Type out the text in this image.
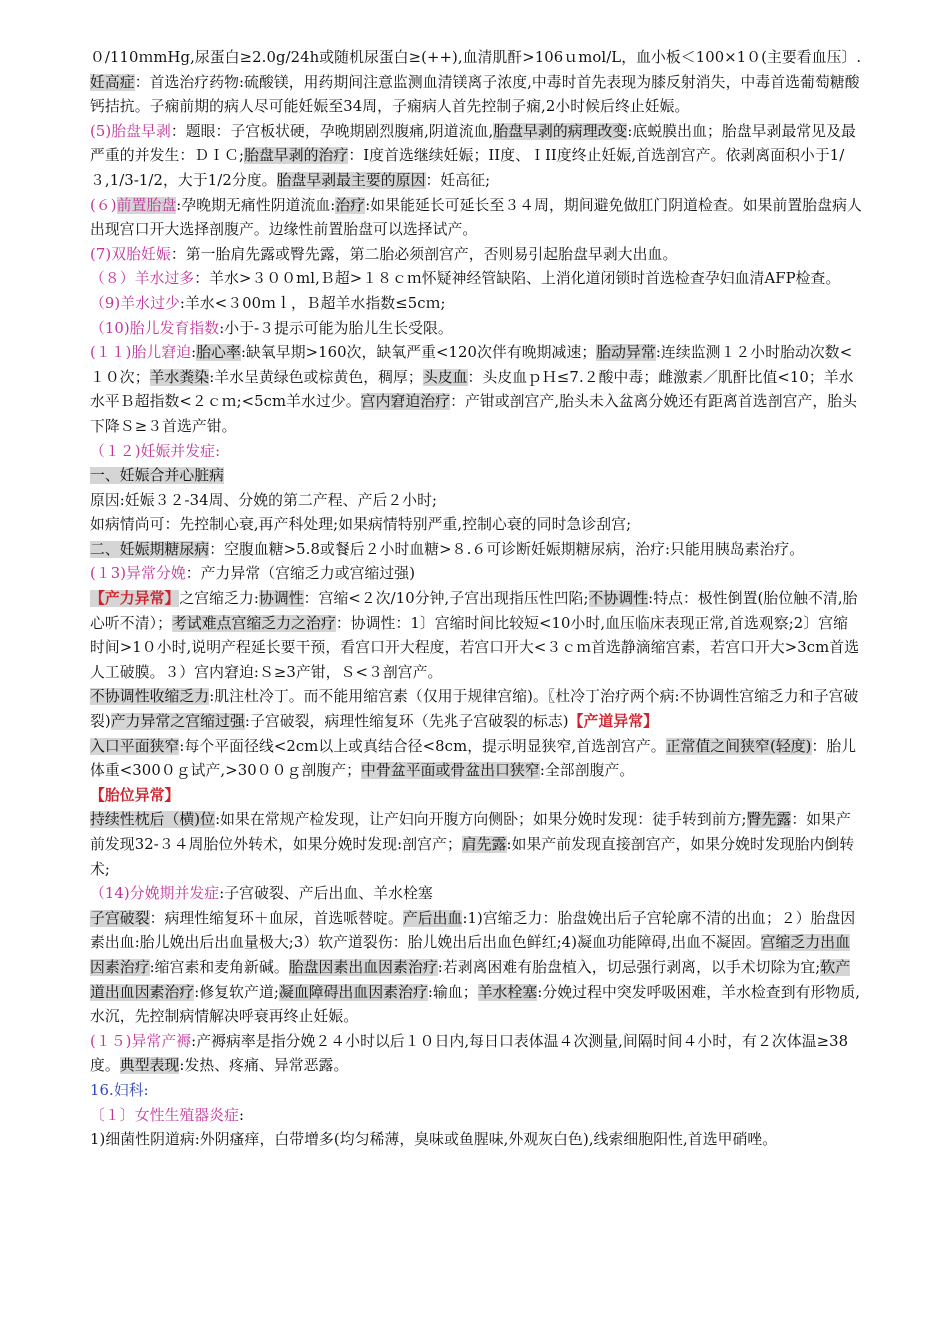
０/110ｍmHg,尿蛋白≥2.0g/24h或随机尿蛋白≥(++),血清肌酐>106ｕmol/L，血小板＜100×1０(主要看血压〕.

妊高症：首选治疗药物:硫酸镁，用药期间注意监测血清镁离子浓度,中毒时首先表现为膝反射消失，中毒首选葡萄糖酸钙拮抗。子痫前期的病人尽可能妊娠至34周，子痫病人首先控制子痫,2小时候后终止妊娠。

(5)胎盘早剥：题眼：子宫板状硬，孕晚期剧烈腹痛,阴道流血,胎盘早剥的病理改变:底蜕膜出血；胎盘早剥最常见及最严重的并发生：ＤＩＣ;胎盘早剥的治疗：I度首选继续妊娠；II度、ＩII度终止妊娠,首选剖宫产。依剥离面积小于1/３,1/3-1/2，大于1/2分度。胎盘早剥最主要的原因：妊高征;

(６)前置胎盘:孕晚期无痛性阴道流血:治疗:如果能延长可延长至３４周，期间避免做肛门阴道检查。如果前置胎盘病人出现宫口开大选择剖腹产。边缘性前置胎盘可以选择试产。

(7)双胎妊娠：第一胎肩先露或臀先露，第二胎必须剖宫产，否则易引起胎盘早剥大出血。

（８）羊水过多：羊水>３００ml,Ｂ超>１８ｃｍ怀疑神经管缺陷、上消化道闭锁时首选检查孕妇血清AFP检查。

（9)羊水过少:羊水<３00ｍｌ，Ｂ超羊水指数≤5cｍ;

（10)胎儿发育指数:小于-３提示可能为胎儿生长受限。

(１１)胎儿窘迫:胎心率:缺氧早期>160次，缺氧严重<120次伴有晚期减速；胎动异常:连续监测１２小时胎动次数<１０次；羊水粪染:羊水呈黄绿色或棕黄色，稠厚；头皮血：头皮血ｐＨ≤7.２酸中毒；雌激素／肌酐比值<10；羊水水平Ｂ超指数<２ｃｍ;<5cm羊水过少。宫内窘迫治疗：产钳或剖宫产,胎头未入盆离分娩还有距离首选剖宫产，胎头下降Ｓ≥３首选产钳。

（１２)妊娠并发症:

一、妊娠合并心脏病

原因:妊娠３２-34周、分娩的第二产程、产后２小时;

如病情尚可：先控制心衰,再产科处理;如果病情特别严重,控制心衰的同时急诊刮宫;

二、妊娠期糖尿病：空腹血糖>5.8或餐后２小时血糖>８.６可诊断妊娠期糖尿病，治疗:只能用胰岛素治疗。

(１3)异常分娩：产力异常（宫缩乏力或宫缩过强)

【产力异常】之宫缩乏力:协调性：宫缩<２次/10分钟,子宫出现指压性凹陷;不协调性:特点：极性倒置(胎位触不清,胎心听不清）；考试难点宫缩乏力之治疗：协调性：1〕宫缩时间比较短<10小时,血压临床表现正常,首选观察;2〕宫缩时间>1０小时,说明产程延长要干预，看宫口开大程度，若宫口开大<３ｃｍ首选静滴缩宫素，若宫口开大>3cm首选人工破膜。３）宫内窘迫:Ｓ≥3产钳，Ｓ<３剖宫产。

不协调性收缩乏力:肌注杜冷丁。而不能用缩宫素（仅用于规律宫缩)。〖杜冷丁治疗两个病:不协调性宫缩乏力和子宫破裂)产力异常之宫缩过强:子宫破裂，病理性缩复环（先兆子宫破裂的标志)【产道异常】

入口平面狭窄:每个平面径线<2cm以上或真结合径<8cm，提示明显狭窄,首选剖宫产。正常值之间狭窄(轻度)：胎儿体重<300０ｇ试产,>30００ｇ剖腹产；中骨盆平面或骨盆出口狭窄:全部剖腹产。

【胎位异常】

持续性枕后（横)位:如果在常规产检发现，让产妇向开腹方向侧卧；如果分娩时发现：徒手转到前方;臀先露：如果产前发现32-３４周胎位外转术，如果分娩时发现:剖宫产；肩先露:如果产前发现直接剖宫产，如果分娩时发现胎内倒转术;

（14)分娩期并发症:子宫破裂、产后出血、羊水栓塞

子宫破裂：病理性缩复环＋血尿，首选哌替啶。产后出血:1)宫缩乏力：胎盘娩出后子宫轮廓不清的出血；２）胎盘因素出血:胎儿娩出后出血量极大;3）软产道裂伤：胎儿娩出后出血色鲜红;4)凝血功能障碍,出血不凝固。宫缩乏力出血因素治疗:缩宫素和麦角新碱。胎盘因素出血因素治疗:若剥离困难有胎盘植入，切忌强行剥离，以手术切除为宜;软产道出血因素治疗:修复软产道;凝血障碍出血因素治疗:输血；羊水栓塞:分娩过程中突发呼吸困难，羊水检查到有形物质,水沉，先控制病情解决呼衰再终止妊娠。

(１５)异常产褥:产褥病率是指分娩２４小时以后１０日内,每日口表体温４次测量,间隔时间４小时，有２次体温≥38度。典型表现:发热、疼痛、异常恶露。

16.妇科:

〔１〕女性生殖器炎症:

1)细菌性阴道病:外阴瘙痒，白带增多(均匀稀薄，臭味或鱼腥味,外观灰白色),线索细胞阳性,首选甲硝唑。
